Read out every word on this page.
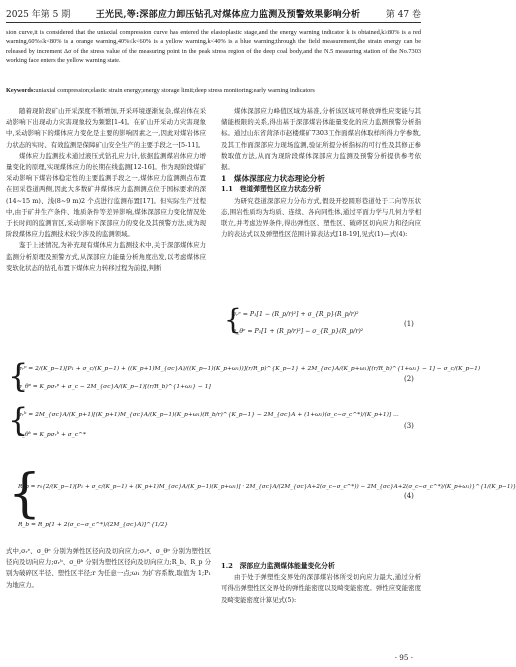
2025 年第 5 期	王光民,等:深部应力卸压钻孔对煤体应力监测及预警效果影响分析	第 47 卷
sion curve,it is considered that the uniaxial compression curve has entered the elastoplastic stage,and the energy warning indicator k is obtained,k≥80% is a red warning,60%≤k<80% is a orange warning,40%≤k<60% is a yellow warning,k<40% is a blue warning;through the field measurement,the strain energy can be released by increment Δσ of the stress value of the measuring point in the peak stress region of the deep coal body,and the N.5 measuring station of the No.7303 working face enters the yellow warning state.
Keywords:uniaxial compression;elastic strain energy;energy storage limit;deep stress monitoring;early warning indicators

随着现阶段矿山开采深度不断增加,开采环境逐渐复杂,煤岩体在采动影响下出现动力灾害现象较为频繁[1-4]。在矿山开采动力灾害现象中,采动影响下的煤体应力变化是主要的影响因素之一,因此对煤岩体应力状态的实时、有效监测是保障矿山安全生产的主要手段之一[5-11]。

煤体应力监测技术通过液压式钻孔应力计,依据监测煤岩体应力增量变化的原理,实现煤体应力的长期在线监测[12-16]。作为现阶段煤矿采动影响下煤岩体稳定性的主要监测手段之一,煤体应力监测测点布置在回采巷道两侧,因此大多数矿井煤体应力监测测点位于国标要求的深(14~15 m)、浅(8~9 m)2 个点进行监测布置[17]。但实际生产过程中,由于矿井生产条件、地质条件等差异影响,煤体深部应力变化情况处于长时间的监测盲区,采动影响下深部应力的变化及其预警方法,成为现阶段煤体应力监测技术较少涉及的监测领域。

鉴于上述情况,为补充现有煤体应力监测技术中,关于深部煤体应力监测分析原理及预警方式,从深部应力能量分析角度出发,以考虑煤体应变软化状态的钻孔布置下煤体应力转移过程为前提,判断

煤体深部应力峰值区域为基准,分析该区域可释放弹性应变能与其储能极限的关系,得出基于深部煤岩体能量变化的应力监测预警分析指标。通过山东省菏泽市赵楼煤矿7303工作面煤岩体取样所得力学参数,及其工作面深部应力现场监测,验证所提分析指标的可行性及其修正参数取值方法,从而为现阶段煤体深部应力监测及预警分析提供参考依据。

1　煤体深部应力状态理论分析

1.1　巷道弹塑性区应力状态分析

为研究巷道深部应力分布方式,假设开挖圆形巷道处于二向等压状态,围岩性质均为均质、连续、各向同性体,通过平面力学与几何力学相联立,并考虑边界条件,得出弹性区、塑性区、破碎区切向应力和径向应力的表达式以及弹塑性区范围计算表达式[18-19],见式(1)—式(4):

σᵣᵉ = P₁[1 − (R_p/r)²] + σ_{R_p}(R_p/r)²
σ_θᵉ = P₁[1 + (R_p/r)²] − σ_{R_p}(R_p/r)²
{	(1)
{
σᵣᵖ = 2/(K_p−1)[P₁ + σ_c/(K_p−1) + ((K_p+1)M_{σc}A)/((K_p−1)(K_p+ω₁))](r/R_p)^{K_p−1} + 2M_{σc}A/(K_p+ω₁)[(r/R_b)^{1+ω₁} − 1] − σ_c/(K_p−1)
σ_θᵖ = K_pσᵣᵖ + σ_c − 2M_{σc}A/(K_p−1)[(r/R_b)^{1+ω₁} − 1]
(2)
{
σᵣᵇ = 2M_{σc}A/(K_p+1)[(K_p+1)M_{σc}A/(K_p−1)(K_p+ω₁)(R_b/r)^{K_p−1} − 2M_{σc}A + (1+ω₁)(σ_c−σ_c^*)/(K_p+1)] ...
σ_θᵇ = K_pσᵣᵇ + σ_c^*
(3)
{
R_p = r₀{2/(K_p−1)[P₁ + σ_c/(K_p−1) + (K_p+1)M_{σc}A/(K_p−1)(K_p+ω₁)] · 2M_{σc}A/(2M_{σc}A+2(σ_c−σ_c^*)) − 2M_{σc}A+2(σ_c−σ_c^*)/(K_p+ω₁)}^{1/(K_p−1)}
R_b = R_p[1 + 2(σ_c−σ_c^*)/(2M_{σc}A)]^{1/2}
(4)

式中,σᵣᵉ、σ_θᵉ 分别为弹性区径向及切向应力;σᵣᵖ、σ_θᵖ 分别为塑性区径向及切向应力;σᵣᵇ、σ_θᵇ 分别为塑性区径向及切向应力;R_b、R_p 分别为破碎区半径、塑性区半径;r 为任意一点;ω₁ 为扩容系数,取值为 1;P₁ 为地应力。

1.2　深部应力监测煤体能量变化分析

由于处于弹塑性交界处的深部煤岩体所受切向应力最大,通过分析可得出弹塑性区交界处的弹性能密度以及畸变能密度。弹性应变能密度及畸变能密度计算见式(5):

· 95 ·
